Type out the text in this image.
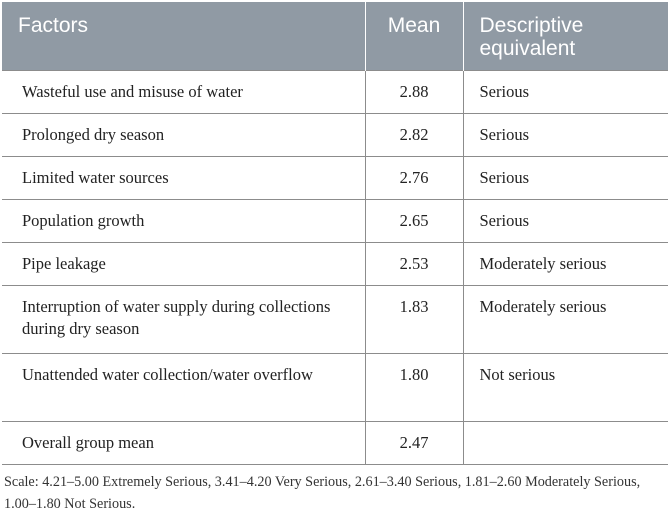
Factors	Mean	Descriptive equivalent
Wasteful use and misuse of water	2.88	Serious
Prolonged dry season	2.82	Serious
Limited water sources	2.76	Serious
Population growth	2.65	Serious
Pipe leakage	2.53	Moderately serious
Interruption of water supply during collections during dry season	1.83	Moderately serious
Unattended water collection/water overflow	1.80	Not serious
Overall group mean	2.47	

Scale: 4.21–5.00 Extremely Serious, 3.41–4.20 Very Serious, 2.61–3.40 Serious, 1.81–2.60 Moderately Serious, 1.00–1.80 Not Serious.
